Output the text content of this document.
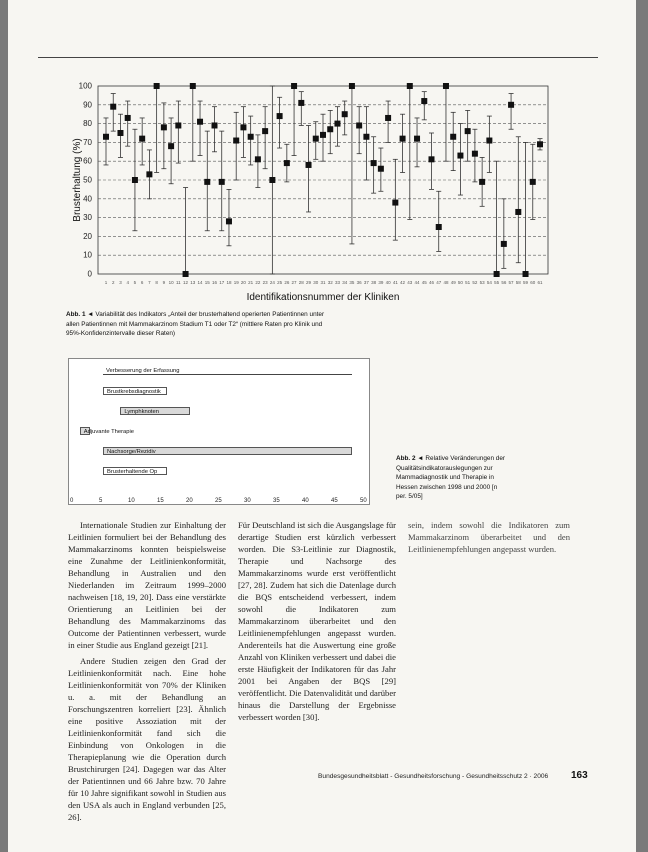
0
10
20
30
40
50
60
70
80
90
100
1 2 3 4 5 6 7 8 9 10 11 12 13 14 15 16 17 18 19 20 21 22 23 24 25 26 27 28 29 30 31 32 33 34 35 36 37 38 39 40 41 42 43 44 45 46 47 48 49 50 51 52 53 54 55 56 57 58 59 60 61
Brusterhaltung (%)
Identifikationsnummer der Kliniken
Abb. 1 ◄ Variabilität des Indikators „Anteil der brusterhaltend operierten Patientinnen unter allen Patientinnen mit Mammakarzinom Stadium T1 oder T2“ (mittlere Raten pro Klinik und 95%-Konfidenzintervalle dieser Raten)
Verbesserung der Erfassung
Brustkrebsdiagnostik
Lymphknoten
Adjuvante Therapie
Nachsorge/Rezidiv
Brusterhaltende Op
0	5	10	15	20	25	30	35	40	45	50
Abb. 2 ◄ Relative Veränderungen der Qualitätsindikatorauslegungen zur Mammadiagnostik und Therapie in Hessen zwischen 1998 und 2000 [n per. 5/05]

Internationale Studien zur Einhaltung der Leitlinien formuliert bei der Behandlung des Mammakarzinoms konnten beispielsweise eine Zunahme der Leitlinienkonformität, Behandlung in Australien und den Niederlanden im Zeitraum 1999–2000 nachweisen [18, 19, 20]. Dass eine verstärkte Orientierung an Leitlinien bei der Behandlung des Mammakarzinoms das Outcome der Patientinnen verbessert, wurde in einer Studie aus England gezeigt [21].

Andere Studien zeigen den Grad der Leitlinienkonformität nach. Eine hohe Leitlinienkonformität von 70% der Kliniken u. a. mit der Behandlung an Forschungszentren korreliert [23]. Ähnlich eine positive Assoziation mit der Leitlinienkonformität fand sich die Einbindung von Onkologen in die Therapieplanung wie die Operation durch Brustchirurgen [24]. Dagegen war das Alter der Patientinnen und 66 Jahre bzw. 70 Jahre für 10 Jahre signifikant sowohl in Studien aus den USA als auch in England verbunden [25, 26].

Für Deutschland ist sich die Ausgangslage für derartige Studien erst kürzlich verbessert worden. Die S3-Leitlinie zur Diagnostik, Therapie und Nachsorge des Mammakarzinoms wurde erst veröffentlicht [27, 28]. Zudem hat sich die Datenlage durch die BQS entscheidend verbessert, indem sowohl die Indikatoren zum Mammakarzinom überarbeitet und den Leitlinienempfehlungen angepasst wurden. Anderenteils hat die Auswertung eine große Anzahl von Kliniken verbessert und dabei die erste Häufigkeit der Indikatoren für das Jahr 2001 bei Angaben der BQS [29] veröffentlicht. Die Datenvalidität und darüber hinaus die Darstellung der Ergebnisse verbessert worden [30].

sein, indem sowohl die Indikatoren zum Mammakarzinom überarbeitet und den Leitlinienempfehlungen angepasst wurden.

Bundesgesundheitsblatt - Gesundheitsforschung - Gesundheitsschutz 2 · 2006 163
